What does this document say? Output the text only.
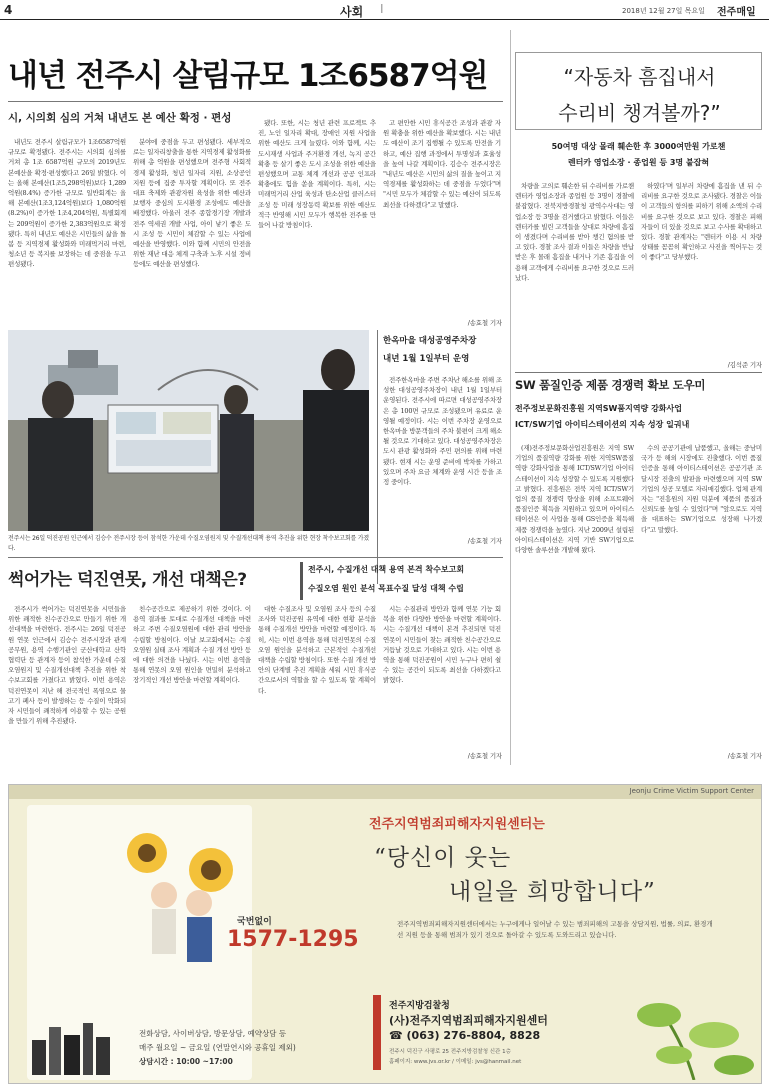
4	사회 I	2018년 12월 27일 목요일 전주매일
내년 전주시 살림규모 1조6587억원
시, 시의회 심의 거쳐 내년도 본 예산 확정 · 편성

내년도 전주시 살림규모가 1조6587억원 규모로 확정됐다. 전주시는 시의회 심의를 거쳐 총 1조 6587억원 규모의 2019년도 본예산을 확정·편성했다고 26일 밝혔다. 이는 올해 본예산(1조5,298억원)보다 1,289억원(8.4%) 증가한 규모로 일반회계는 올해 본예산(1조3,124억원)보다 1,080억원(8.2%)이 증가한 1조4,204억원, 특별회계는 209억원이 증가한 2,383억원으로 확정됐다. 특히 내년도 예산은 시민들의 삶을 돌봄 등 지역경제 활성화와 미래먹거리 마련, 청소년 등 복지를 보장하는 데 중점을 두고 편성됐다.

분야에 중점을 두고 편성됐다. 세부적으로는 일자리창출을 통한 지역경제 활성화를 위해 총 억원을 편성했으며 전주형 사회적경제 활성화, 청년 일자리 지원, 소상공인 지원 등에 집중 투자할 계획이다. 또 전주 대표 축제와 관광자원 육성을 위한 예산과 보행자 중심의 도시환경 조성에도 예산을 배정했다. 아울러 전주 종합경기장 개발과 전주 역세권 개발 사업, 아이 낳기 좋은 도시 조성 등 시민이 체감할 수 있는 사업에 예산을 반영했다. 이와 함께 시민의 안전을 위한 재난 대응 체계 구축과 노후 시설 정비 등에도 예산을 편성했다.

됐다. 또한, 시는 청년 관련 프로젝트 추진, 노인 일자리 확대, 장애인 지원 사업을 위한 예산도 크게 늘렸다. 이와 함께, 시는 도시재생 사업과 주거환경 개선, 녹지 공간 확충 등 살기 좋은 도시 조성을 위한 예산을 편성했으며 교통 체계 개선과 공공 인프라 확충에도 힘을 쏟을 계획이다. 특히, 시는 미래먹거리 산업 육성과 탄소산업 클러스터 조성 등 미래 성장동력 확보를 위한 예산도 적극 반영해 시민 모두가 행복한 전주를 만들어 나갈 방침이다.

고 편안한 시민 휴식공간 조성과 관광 자원 확충을 위한 예산을 확보했다. 시는 내년도 예산이 조기 집행될 수 있도록 만전을 기하고, 예산 집행 과정에서 투명성과 효율성을 높여 나갈 계획이다. 김승수 전주시장은 "내년도 예산은 시민의 삶의 질을 높이고 지역경제를 활성화하는 데 중점을 두었다"며 "시민 모두가 체감할 수 있는 예산이 되도록 최선을 다하겠다"고 말했다.

/송효철 기자
전주시는 26일 덕진공원 인근에서 김승수 전주시장 등이 참석한 가운데 수질오염원지 및 수질개선대책 용역 추진을 위한 현장 착수보고회를 가졌다.
한옥마을 대성공영주차장
내년 1월 1일부터 운영

전주한옥마을 주변 주차난 해소를 위해 조성한 대성공영주차장이 내년 1월 1일부터 운영된다. 전주시에 따르면 대성공영주차장은 총 100면 규모로 조성됐으며 유료로 운영될 예정이다. 시는 이번 주차장 운영으로 한옥마을 방문객들의 주차 불편이 크게 해소될 것으로 기대하고 있다. 대성공영주차장은 도시 관광 활성화와 주민 편의를 위해 마련됐다. 현재 시는 운영 준비에 박차를 가하고 있으며 주차 요금 체계와 운영 시간 등을 조정 중이다.

/송효철 기자
썩어가는 덕진연못, 개선 대책은?
전주시, 수질개선 대책 용역 본격 착수보고회
수질오염 원인 분석 목표수질 달성 대책 수립

전주시가 썩어가는 덕진연못을 시민들을 위한 쾌적한 친수공간으로 만들기 위한 개선대책을 마련한다. 전주시는 26일 덕진공원 연못 인근에서 김승수 전주시장과 관계 공무원, 용역 수행기관인 군산대학교 산학협력단 등 관계자 등이 참석한 가운데 수질오염원지 및 수질개선대책 추진을 위한 착수보고회를 가졌다고 밝혔다. 이번 용역은 덕진연못이 지난 해 전국적인 폭염으로 물고기 폐사 등이 발생하는 등 수질이 악화되자 시민들이 쾌적하게 이용할 수 있는 공원을 만들기 위해 추진됐다.

친수공간으로 제공하기 위한 것이다. 이 용역 결과를 토대로 수질개선 대책을 마련하고 주변 수질오염원에 대한 관리 방안을 수립할 방침이다. 이날 보고회에서는 수질 오염원 실태 조사 계획과 수질 개선 방안 등에 대한 의견을 나눴다. 시는 이번 용역을 통해 연못의 오염 원인을 면밀히 분석하고 장기적인 개선 방안을 마련할 계획이다.

대한 수질조사 및 오염원 조사 등의 수질조사와 덕진공원 유역에 대한 현황 분석을 통해 수질개선 방안을 마련할 예정이다. 특히, 시는 이번 용역을 통해 덕진연못의 수질오염 원인을 분석하고 근본적인 수질개선 대책을 수립할 방침이다. 또한 수질 개선 방안의 단계별 추진 계획을 세워 시민 휴식공간으로서의 역할을 할 수 있도록 할 계획이다.

시는 수질관리 방안과 함께 연못 기능 회복을 위한 다양한 방안을 마련할 계획이다. 시는 수질개선 대책이 본격 추진되면 덕진연못이 시민들이 찾는 쾌적한 친수공간으로 거듭날 것으로 기대하고 있다. 시는 이번 용역을 통해 덕진공원이 시민 누구나 편히 쉴 수 있는 공간이 되도록 최선을 다하겠다고 밝혔다.

/송효철 기자
“자동차 흠집내서
수리비 챙겨볼까?”
50여명 대상 몰래 훼손한 후 3000여만원 가로챈
렌터카 영업소장 · 종업원 등 3명 붙잡혀

차량을 고의로 훼손한 뒤 수리비를 가로챈 렌터카 영업소장과 종업원 등 3명이 경찰에 붙잡혔다. 전북지방경찰청 광역수사대는 영업소장 등 3명을 검거했다고 밝혔다. 이들은 렌터카를 빌린 고객들을 상대로 차량에 흠집이 생겼다며 수리비를 받아 챙긴 혐의를 받고 있다. 경찰 조사 결과 이들은 차량을 반납받은 후 몰래 흠집을 내거나 기존 흠집을 이용해 고객에게 수리비를 요구한 것으로 드러났다.

하였다'며 일부러 차량에 흠집을 낸 뒤 수리비를 요구한 것으로 조사됐다. 경찰은 이들이 고객들의 항의를 피하기 위해 소액의 수리비를 요구한 것으로 보고 있다. 경찰은 피해자들이 더 있을 것으로 보고 수사를 확대하고 있다. 경찰 관계자는 "렌터카 이용 시 차량 상태를 꼼꼼히 확인하고 사진을 찍어두는 것이 좋다"고 당부했다.

/김석준 기자
SW 품질인증 제품 경쟁력 확보 도우미
전주정보문화진흥원 지역SW품지역량 강화사업
ICT/SW기업 아이티스테이션의 지속 성장 일궈내

(재)전주정보문화산업진흥원은 지역 SW 기업의 품질역량 강화를 위한 지역SW품질역량 강화사업을 통해 ICT/SW기업 아이티스테이션이 지속 성장할 수 있도록 지원했다고 밝혔다. 진흥원은 전북 지역 ICT/SW기업의 품질 경쟁력 향상을 위해 소프트웨어 품질인증 획득을 지원하고 있으며 아이티스테이션은 이 사업을 통해 GS인증을 획득해 제품 경쟁력을 높였다. 지난 2009년 설립된 아이티스테이션은 지역 기반 SW기업으로 다양한 솔루션을 개발해 왔다.

수의 공공기관에 납품했고, 올해는 중남미 국가 등 해외 시장에도 진출했다. 이번 품질인증을 통해 아이티스테이션은 공공기관 조달시장 진출의 발판을 마련했으며 지역 SW기업의 성공 모델로 자리매김했다. 업체 관계자는 "진흥원의 지원 덕분에 제품의 품질과 신뢰도를 높일 수 있었다"며 "앞으로도 지역을 대표하는 SW기업으로 성장해 나가겠다"고 말했다.

/송효철 기자
Jeonju Crime Victim Support Center
국번없이
1577-1295
전화상담, 사이버상담, 방문상담, 예약상담 등
매주 월요일 ~ 금요일 (연말연시와 공휴일 제외)
상담시간 : 10:00 ~17:00
전주지역범죄피해자지원센터는
“당신이 웃는
내일을 희망합니다”
전주지역범죄피해자지원센터에서는 누구에게나 일어날 수 있는 범죄피해의 고통을 상담지원, 법률, 의료, 환경개선 지원 등을 통해 범죄가 있기 전으로 돌아갈 수 있도록 도와드리고 있습니다.
전주지방검찰청
(사)전주지역범죄피해자지원센터
☎ (063) 276-8804, 8828
전주시 덕진구 사평로 25 전주지방검찰청 신관 1층
홈페이지: www.jvs.or.kr / 이메일: jvs@hanmail.net
